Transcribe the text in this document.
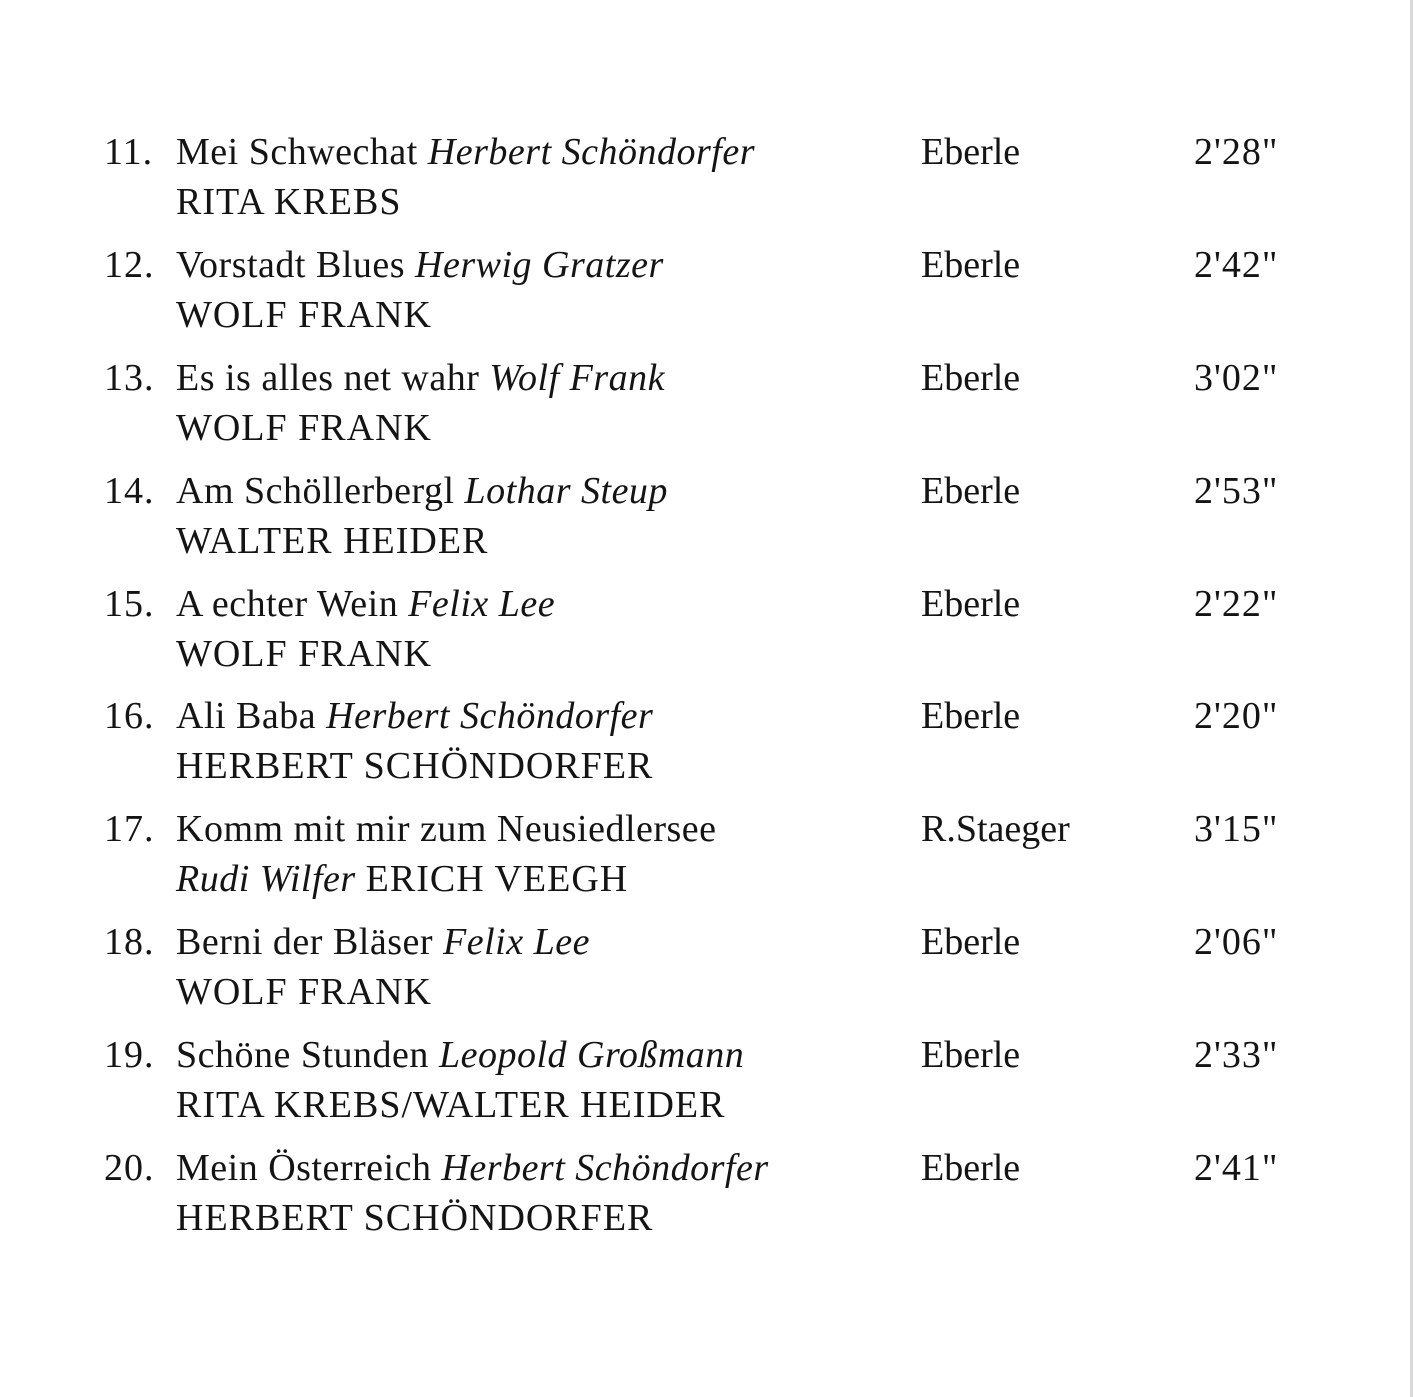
11. Mei Schwechat Herbert Schöndorfer
RITA KREBS
Eberle	2'28"
12. Vorstadt Blues Herwig Gratzer
WOLF FRANK
Eberle	2'42"
13. Es is alles net wahr Wolf Frank
WOLF FRANK
Eberle	3'02"
14. Am Schöllerbergl Lothar Steup
WALTER HEIDER
Eberle	2'53"
15. A echter Wein Felix Lee
WOLF FRANK
Eberle	2'22"
16. Ali Baba Herbert Schöndorfer
HERBERT SCHÖNDORFER
Eberle	2'20"
17. Komm mit mir zum Neusiedlersee
Rudi Wilfer ERICH VEEGH
R.Staeger	3'15"
18. Berni der Bläser Felix Lee
WOLF FRANK
Eberle	2'06"
19. Schöne Stunden Leopold Großmann
RITA KREBS/WALTER HEIDER
Eberle	2'33"
20. Mein Österreich Herbert Schöndorfer
HERBERT SCHÖNDORFER
Eberle	2'41"
